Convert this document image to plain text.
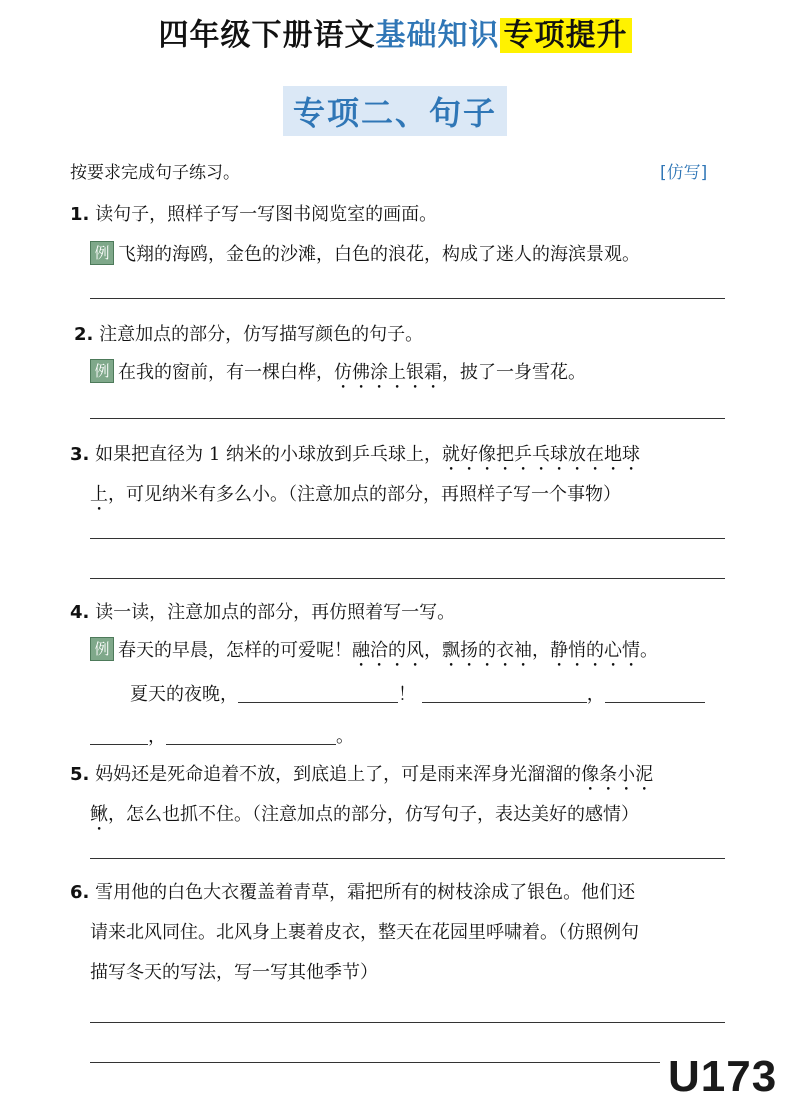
四年级下册语文基础知识 专项提升
专项二、句子
按要求完成句子练习。	[仿写]
1. 读句子，照样子写一写图书阅览室的画面。
例 飞翔的海鸥，金色的沙滩，白色的浪花，构成了迷人的海滨景观。
2. 注意加点的部分，仿写描写颜色的句子。
例 在我的窗前，有一棵白桦，仿佛涂上银霜，披了一身雪花。
3. 如果把直径为 1 纳米的小球放到乒乓球上，就好像把乒乓球放在地球
上，可见纳米有多么小。（注意加点的部分，再照样子写一个事物）
4. 读一读，注意加点的部分，再仿照着写一写。
例 春天的早晨，怎样的可爱呢！融洽的风，飘扬的衣袖，静悄的心情。
夏天的夜晚，	！	，
，	。
5. 妈妈还是死命追着不放，到底追上了，可是雨来浑身光溜溜的像条小泥
鳅，怎么也抓不住。（注意加点的部分，仿写句子，表达美好的感情）
6. 雪用他的白色大衣覆盖着青草，霜把所有的树枝涂成了银色。他们还
请来北风同住。北风身上裹着皮衣，整天在花园里呼啸着。（仿照例句
描写冬天的写法，写一写其他季节）
U173
